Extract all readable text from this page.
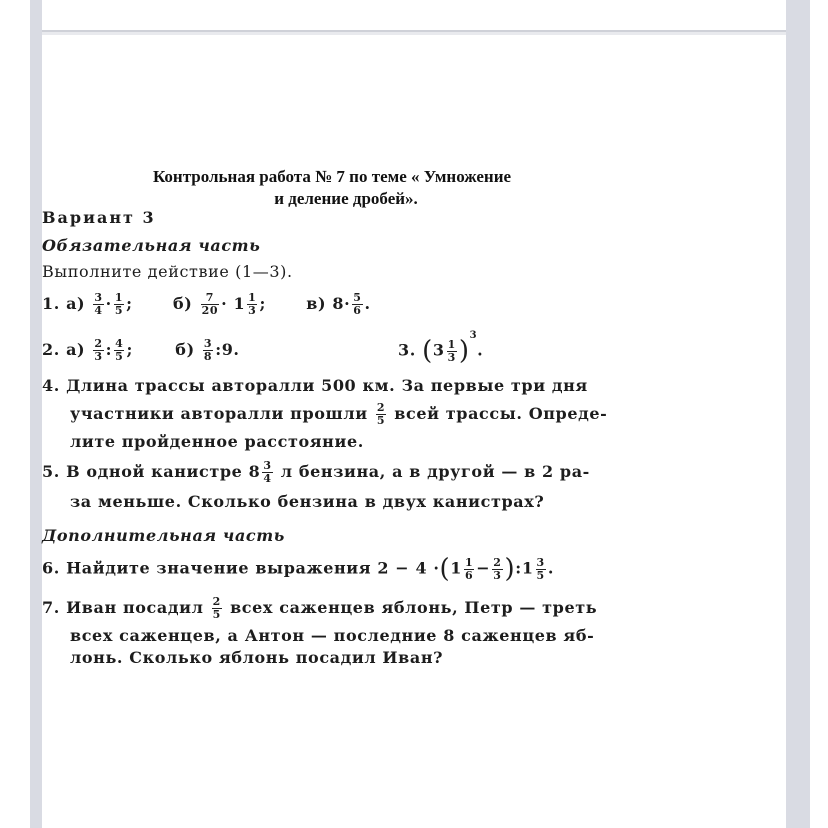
Контрольная работа № 7 по теме « Умножение
и деление дробей».
Вариант 3
Обязательная часть
Выполните действие (1—3).
1. $а) \frac{3}{4} \cdot \frac{1}{5}$ ;	$б) \frac{7}{20} \cdot 1 \frac{1}{3}$ ;	в) $8\cdot \frac{5}{6}$ .
2. $а) \frac{2}{3}$ : $\frac{4}{5}$ ;	$б) \frac{3}{8}$ :9.	3. $(3 \frac{1}{3} )^3$.
4. Длина трассы авторалли 500 км. За первые три дня
участники авторалли прошли $\frac{2}{5}$ всей трассы. Опреде-
лите пройденное расстояние.
5. В одной канистре $8 \frac{3}{4}$ л бензина, а в другой — в 2 ра-
за меньше. Сколько бензина в двух канистрах?
Дополнительная часть
6. Найдите значение выражения $2 - 4 \cdot(1 \frac{1}{6} - \frac{2}{3}$ ):1 $\frac{3}{5}$ .
7. Иван посадил $\frac{2}{5}$ всех саженцев яблонь, Петр — треть
всех саженцев, а Антон — последние 8 саженцев яб-
лонь. Сколько яблонь посадил Иван?
